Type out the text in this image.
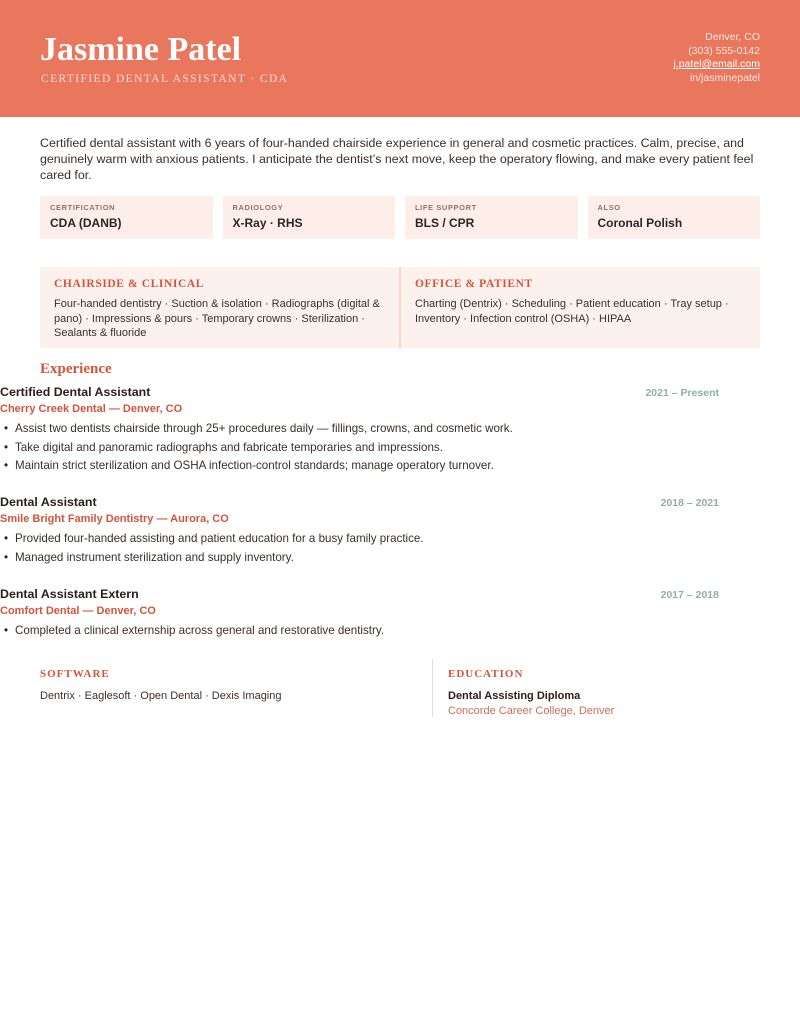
Jasmine Patel
CERTIFIED DENTAL ASSISTANT · CDA
Denver, CO
(303) 555-0142
j.patel@email.com
in/jasminepatel
Certified dental assistant with 6 years of four-handed chairside experience in general and cosmetic practices. Calm, precise, and genuinely warm with anxious patients. I anticipate the dentist’s next move, keep the operatory flowing, and make every patient feel cared for.
CERTIFICATION
CDA (DANB)
RADIOLOGY
X-Ray · RHS
LIFE SUPPORT
BLS / CPR
ALSO
Coronal Polish
CHAIRSIDE & CLINICAL
Four-handed dentistry · Suction & isolation · Radiographs (digital & pano) · Impressions & pours · Temporary crowns · Sterilization · Sealants & fluoride
OFFICE & PATIENT
Charting (Dentrix) · Scheduling · Patient education · Tray setup · Inventory · Infection control (OSHA) · HIPAA
Experience
Certified Dental Assistant	2021 – Present
Cherry Creek Dental — Denver, CO
• Assist two dentists chairside through 25+ procedures daily — fillings, crowns, and cosmetic work.
• Take digital and panoramic radiographs and fabricate temporaries and impressions.
• Maintain strict sterilization and OSHA infection-control standards; manage operatory turnover.
Dental Assistant	2018 – 2021
Smile Bright Family Dentistry — Aurora, CO
• Provided four-handed assisting and patient education for a busy family practice.
• Managed instrument sterilization and supply inventory.
Dental Assistant Extern	2017 – 2018
Comfort Dental — Denver, CO
• Completed a clinical externship across general and restorative dentistry.
SOFTWARE
Dentrix · Eaglesoft · Open Dental · Dexis Imaging
EDUCATION
Dental Assisting Diploma
Concorde Career College, Denver
